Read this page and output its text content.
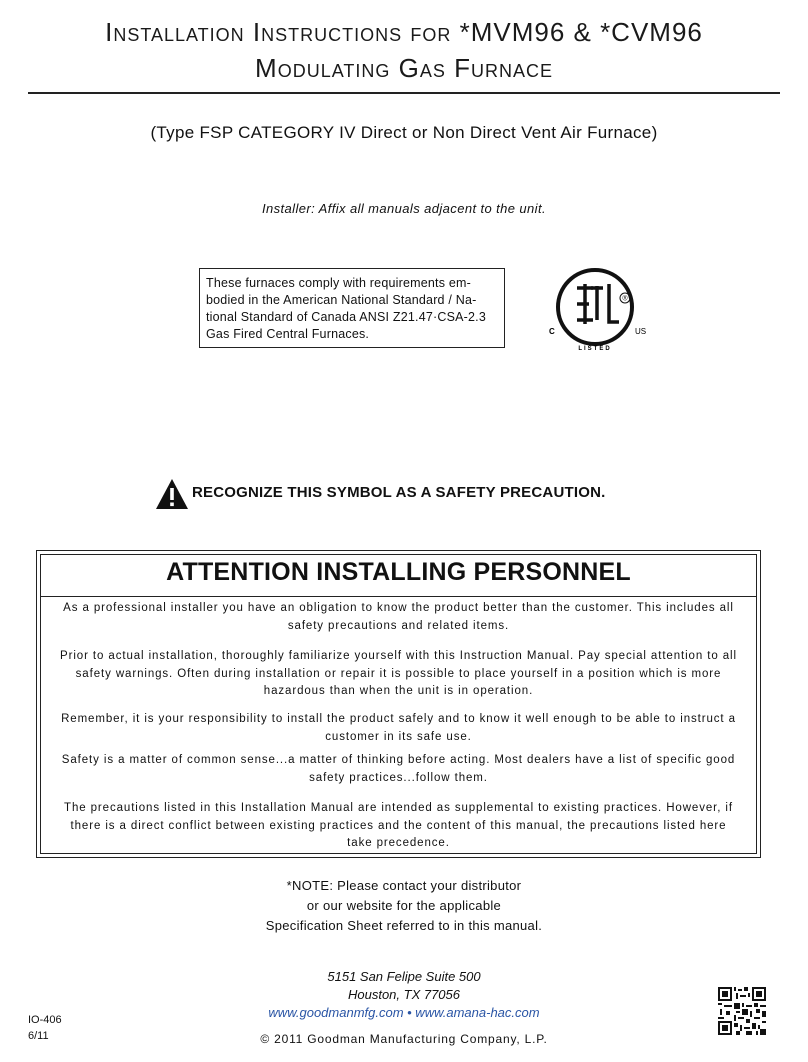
Installation Instructions for *MVM96 & *CVM96
Modulating Gas Furnace
(Type FSP CATEGORY IV Direct or Non Direct Vent Air Furnace)
Installer: Affix all manuals adjacent to the unit.
These furnaces comply with requirements em-
bodied in the American National Standard / Na-
tional Standard of Canada ANSI Z21.47·CSA-2.3
Gas Fired Central Furnaces.
®
C	US
LISTED
RECOGNIZE THIS SYMBOL AS A SAFETY PRECAUTION.
ATTENTION INSTALLING PERSONNEL
As a professional installer you have an obligation to know the product better than the customer. This includes all
safety precautions and related items.
Prior to actual installation, thoroughly familiarize yourself with this Instruction Manual. Pay special attention to all
safety warnings. Often during installation or repair it is possible to place yourself in a position which is more
hazardous than when the unit is in operation.
Remember, it is your responsibility to install the product safely and to know it well enough to be able to instruct a
customer in its safe use.
Safety is a matter of common sense...a matter of thinking before acting. Most dealers have a list of specific good
safety practices...follow them.
The precautions listed in this Installation Manual are intended as supplemental to existing practices. However, if
there is a direct conflict between existing practices and the content of this manual, the precautions listed here
take precedence.
*NOTE: Please contact your distributor
or our website for the applicable
Specification Sheet referred to in this manual.
5151 San Felipe Suite 500
Houston, TX 77056
www.goodmanmfg.com • www.amana-hac.com
© 2011 Goodman Manufacturing Company, L.P.
IO-406
6/11
